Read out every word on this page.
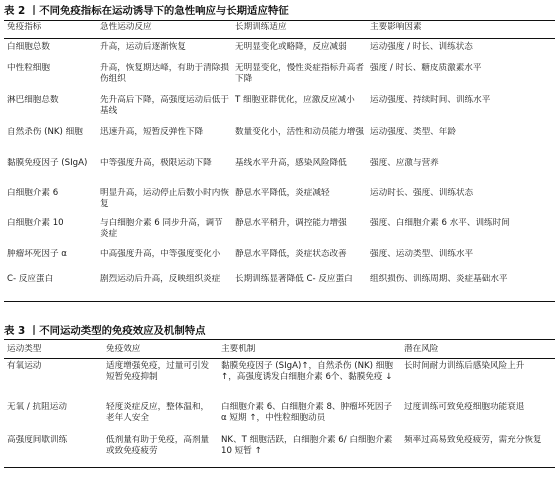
表 2 丨不同免疫指标在运动诱导下的急性响应与长期适应特征
免疫指标	急性运动反应	长期训练适应	主要影响因素
白细胞总数	升高，运动后逐渐恢复	无明显变化或略降，反应减弱	运动强度 / 时长、训练状态
中性粒细胞	升高，恢复期达峰，有助于清除损伤组织	无明显变化，慢性炎症指标升高者下降	强度 / 时长、糖皮质激素水平
淋巴细胞总数	先升高后下降，高强度运动后低于基线	T 细胞亚群优化，应激反应减小	运动强度、持续时间、训练水平
自然杀伤 (NK) 细胞	迅速升高，短暂反弹性下降	数量变化小，活性和动员能力增强	运动强度、类型、年龄
黏膜免疫因子 (SIgA)	中等强度升高，极限运动下降	基线水平升高，感染风险降低	强度、应激与营养
白细胞介素 6	明显升高，运动停止后数小时内恢复	静息水平降低，炎症减轻	运动时长、强度、训练状态
白细胞介素 10	与白细胞介素 6 同步升高，调节炎症	静息水平稍升，调控能力增强	强度、白细胞介素 6 水平、训练时间
肿瘤坏死因子 α	中高强度升高，中等强度变化小	静息水平降低，炎症状态改善	强度、运动类型、训练水平
C- 反应蛋白	剧烈运动后升高，反映组织炎症	长期训练显著降低 C- 反应蛋白	组织损伤、训练周期、炎症基础水平
表 3 丨不同运动类型的免疫效应及机制特点
运动类型	免疫效应	主要机制	潜在风险
有氧运动	适度增强免疫，过量可引发短暂免疫抑制	黏膜免疫因子 (SIgA)↑，自然杀伤 (NK) 细胞 ↑，高强度诱发白细胞介素 6个、黏膜免疫 ↓	长时间耐力训练后感染风险上升
无氧 / 抗阻运动	轻度炎症反应，整体温和，老年人安全	白细胞介素 6、白细胞介素 8、肿瘤坏死因子 α 短期 ↑，中性粒细胞动员	过度训练可致免疫细胞功能衰退
高强度间歇训练	低剂量有助于免疫，高剂量或致免疫疲劳	NK、T 细胞活跃，白细胞介素 6/ 白细胞介素 10 短暂 ↑	频率过高易致免疫疲劳，需充分恢复
